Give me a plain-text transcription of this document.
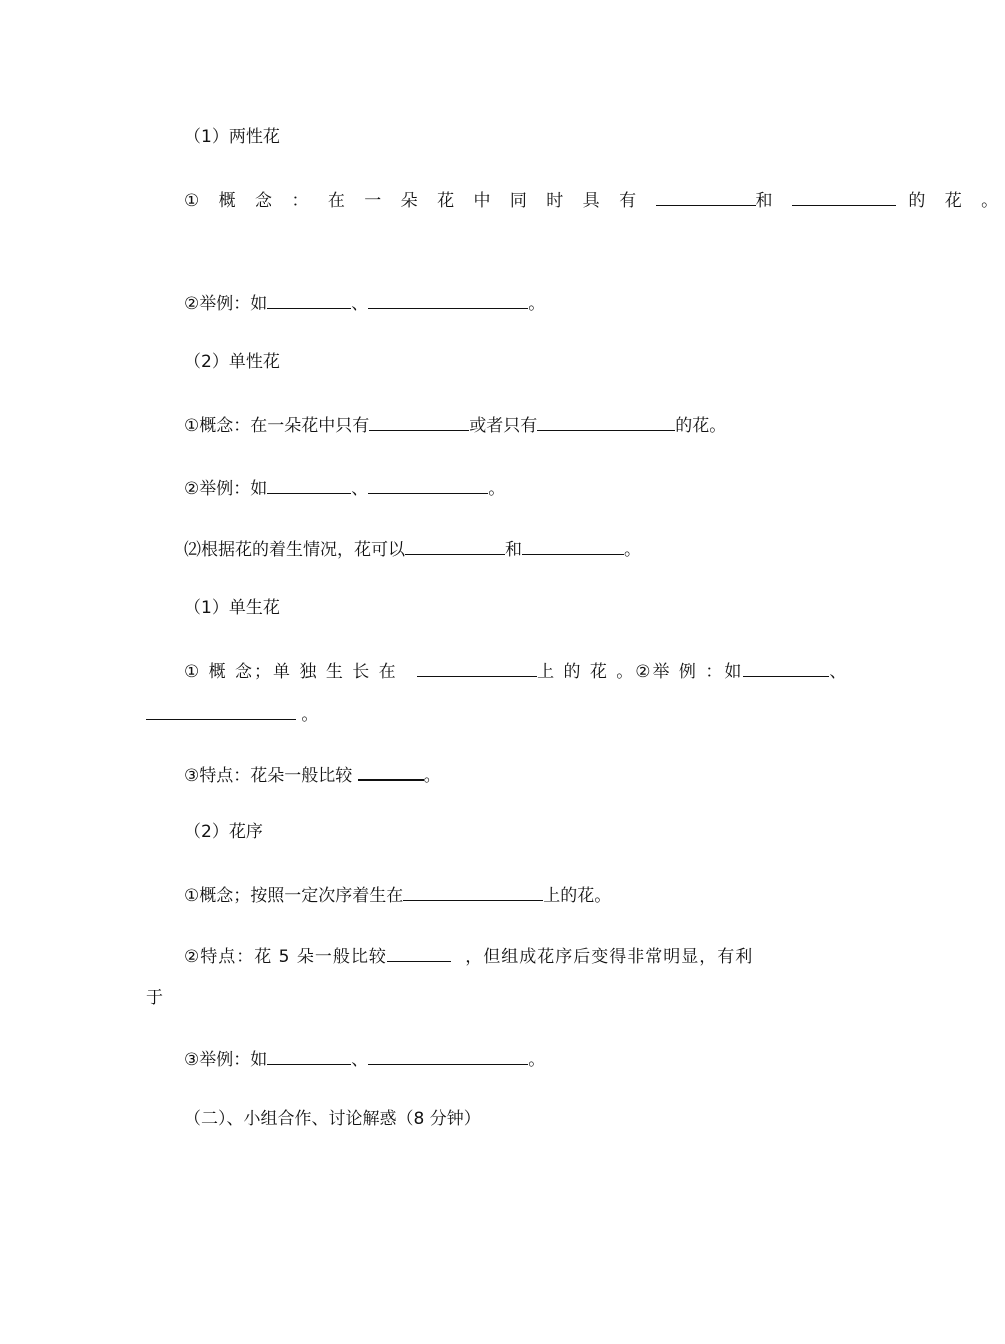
（1）两性花
① 概 念 ： 在 一 朵 花 中 同 时 具 有	和	的 花 。
②举例：如	、	。
（2）单性花
①概念：在一朵花中只有	或者只有	的花。
②举例：如	、	。
⑵根据花的着生情况，花可以	和	。
（1）单生花
① 概 念；单 独 生 长 在	上 的 花 。②举 例 ：如	、
。
③特点：花朵一般比较	。
（2）花序
①概念；按照一定次序着生在	上的花。
②特点：花 5 朵一般比较	，但组成花序后变得非常明显，有利
于
③举例：如	、	。
（二）、小组合作、讨论解惑（8 分钟）
